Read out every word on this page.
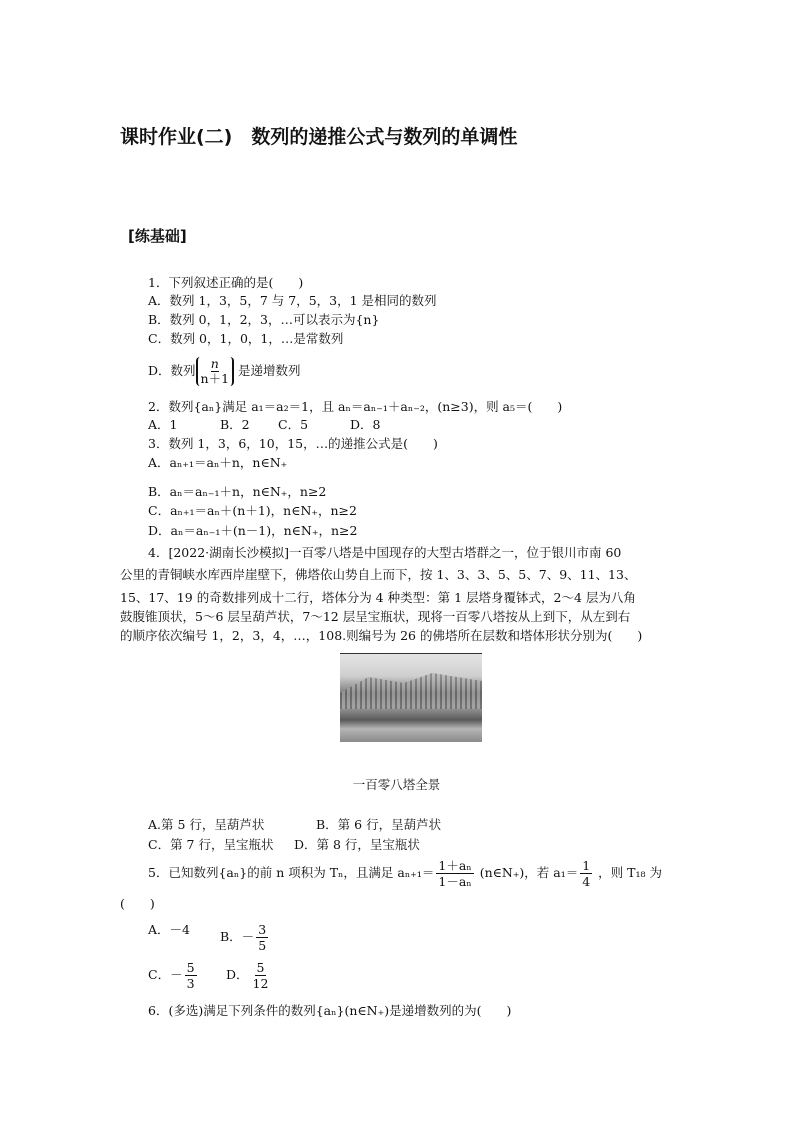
课时作业(二)　数列的递推公式与数列的单调性
[练基础]
1．下列叙述正确的是(　　)
A．数列 1，3，5，7 与 7，5，3，1 是相同的数列
B．数列 0，1，2，3，…可以表示为{n}
C．数列 0，1，0，1，…是常数列
D．数列 $\frac{n}{n+1}$ 是递增数列
2．数列{aₙ}满足 a₁＝a₂＝1，且 aₙ＝aₙ₋₁＋aₙ₋₂，(n≥3)，则 a₅＝(　　)
A．1	B．2 C．5	D．8
3．数列 1，3，6，10，15，…的递推公式是(　　)
A．aₙ₊₁＝aₙ＋n，n∈N₊
B．aₙ＝aₙ₋₁＋n，n∈N₊，n≥2
C．aₙ₊₁＝aₙ＋(n＋1)，n∈N₊，n≥2
D．aₙ＝aₙ₋₁＋(n－1)，n∈N₊，n≥2
4．[2022·湖南长沙模拟]一百零八塔是中国现存的大型古塔群之一，位于银川市南 60
公里的青铜峡水库西岸崖壁下，佛塔依山势自上而下，按 1、3、3、5、5、7、9、11、13、
15、17、19 的奇数排列成十二行，塔体分为 4 种类型：第 1 层塔身覆钵式，2～4 层为八角
鼓腹锥顶状，5～6 层呈葫芦状，7～12 层呈宝瓶状，现将一百零八塔按从上到下，从左到右
的顺序依次编号 1，2，3，4，…，108.则编号为 26 的佛塔所在层数和塔体形状分别为(　　)
一百零八塔全景
A.第 5 行，呈葫芦状	B．第 6 行，呈葫芦状
C．第 7 行，呈宝瓶状 D．第 8 行，呈宝瓶状
5．已知数列{aₙ}的前 n 项积为 Tₙ，且满足 $a_{n+1}= \frac{\text{1＋aₙ}}{\text{1－aₙ}}$ (n∈N₊)，若 $a_1= \frac{1}{4}$ ，则 T₁₈ 为
(　　)
A．－4 B．－ $\frac{3}{5}$
C．－ $\frac{5}{3}$ D． $\frac{5}{12}$
6．(多选)满足下列条件的数列{aₙ}(n∈N₊)是递增数列的为(　　)
